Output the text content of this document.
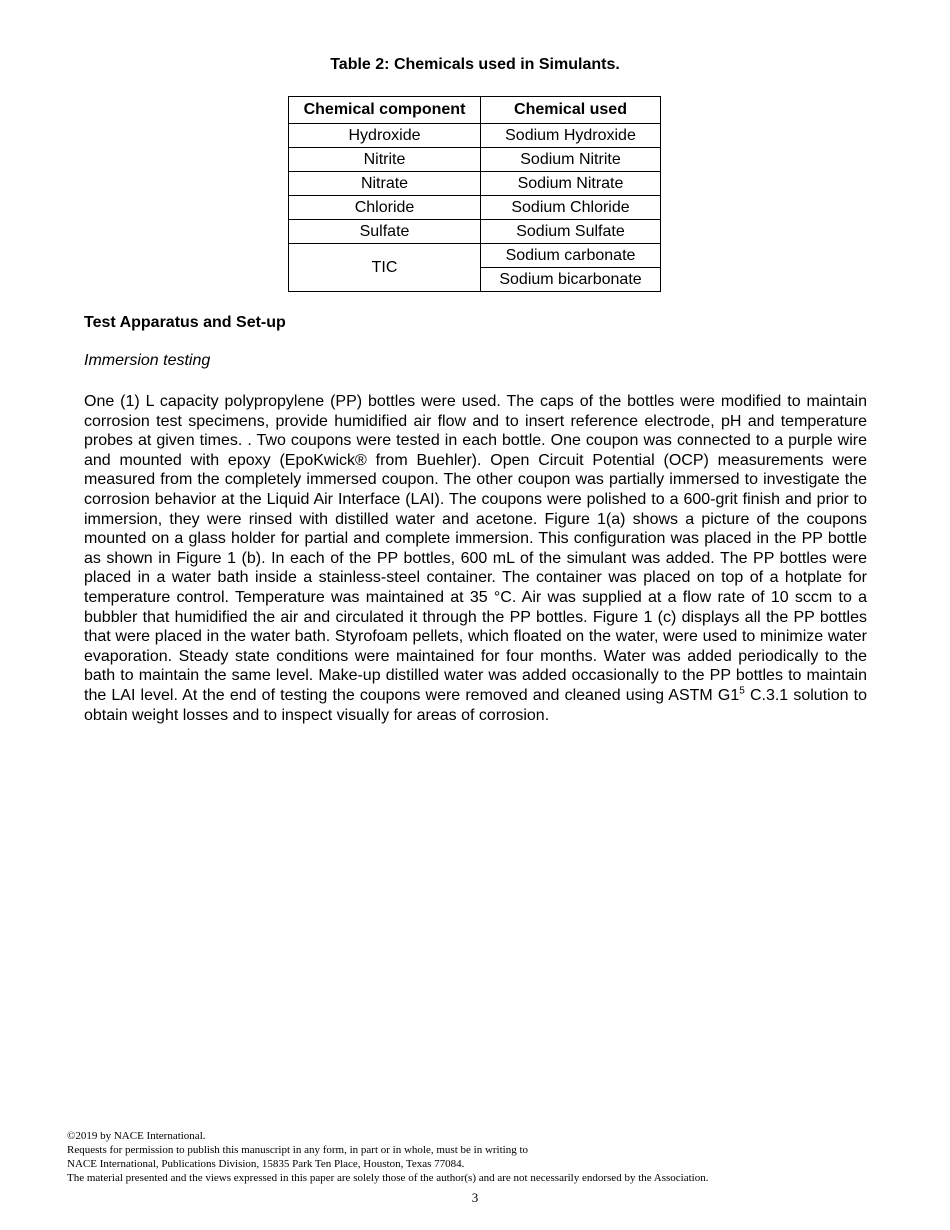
Table 2: Chemicals used in Simulants.
Chemical component	Chemical used
Hydroxide	Sodium Hydroxide
Nitrite	Sodium Nitrite
Nitrate	Sodium Nitrate
Chloride	Sodium Chloride
Sulfate	Sodium Sulfate
TIC	Sodium carbonate
	Sodium bicarbonate
Test Apparatus and Set-up
Immersion testing

One (1) L capacity polypropylene (PP) bottles were used. The caps of the bottles were modified to maintain corrosion test specimens, provide humidified air flow and to insert reference electrode, pH and temperature probes at given times. . Two coupons were tested in each bottle. One coupon was connected to a purple wire and mounted with epoxy (EpoKwick® from Buehler). Open Circuit Potential (OCP) measurements were measured from the completely immersed coupon. The other coupon was partially immersed to investigate the corrosion behavior at the Liquid Air Interface (LAI). The coupons were polished to a 600-grit finish and prior to immersion, they were rinsed with distilled water and acetone. Figure 1(a) shows a picture of the coupons mounted on a glass holder for partial and complete immersion. This configuration was placed in the PP bottle as shown in Figure 1 (b). In each of the PP bottles, 600 mL of the simulant was added. The PP bottles were placed in a water bath inside a stainless-steel container. The container was placed on top of a hotplate for temperature control. Temperature was maintained at 35 °C. Air was supplied at a flow rate of 10 sccm to a bubbler that humidified the air and circulated it through the PP bottles. Figure 1 (c) displays all the PP bottles that were placed in the water bath. Styrofoam pellets, which floated on the water, were used to minimize water evaporation. Steady state conditions were maintained for four months. Water was added periodically to the bath to maintain the same level. Make-up distilled water was added occasionally to the PP bottles to maintain the LAI level. At the end of testing the coupons were removed and cleaned using ASTM $G1^5$ C.3.1 solution to obtain weight losses and to inspect visually for areas of corrosion.

©2019 by NACE International.
Requests for permission to publish this manuscript in any form, in part or in whole, must be in writing to
NACE International, Publications Division, 15835 Park Ten Place, Houston, Texas 77084.
The material presented and the views expressed in this paper are solely those of the author(s) and are not necessarily endorsed by the Association.
3
